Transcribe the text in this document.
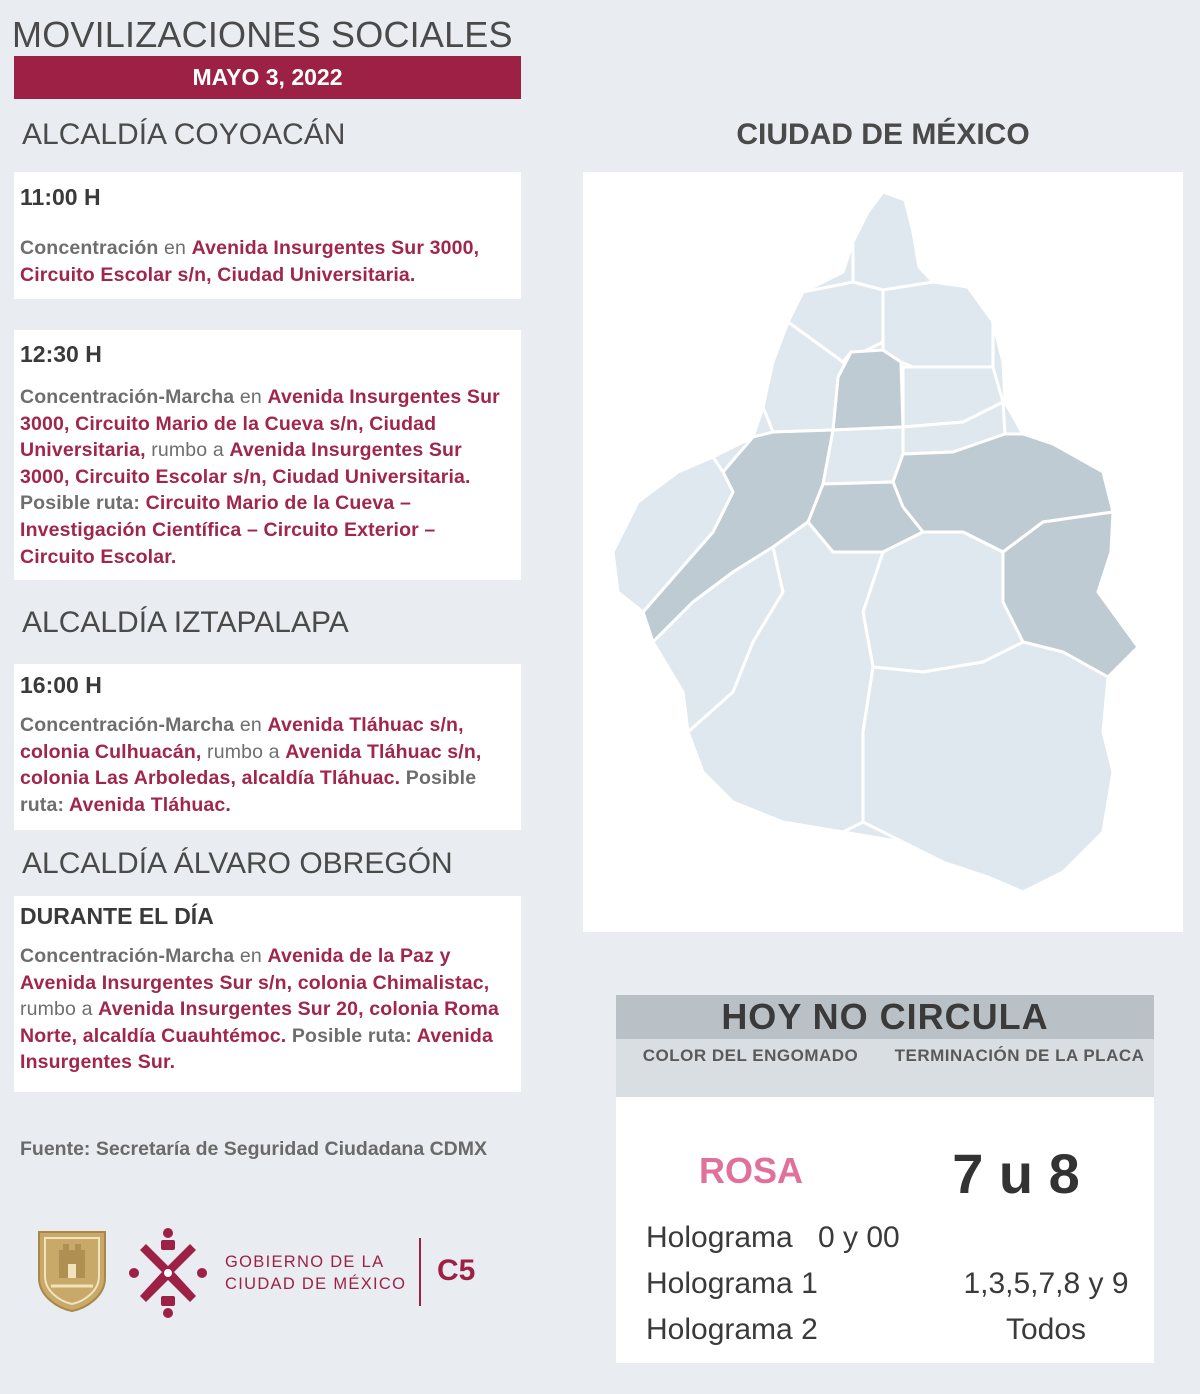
MOVILIZACIONES SOCIALES
MAYO 3, 2022
ALCALDÍA COYOACÁN
11:00 H
Concentración en Avenida Insurgentes Sur 3000, Circuito Escolar s/n, Ciudad Universitaria.
12:30 H
Concentración-Marcha en Avenida Insurgentes Sur 3000, Circuito Mario de la Cueva s/n, Ciudad Universitaria, rumbo a Avenida Insurgentes Sur 3000, Circuito Escolar s/n, Ciudad Universitaria. Posible ruta: Circuito Mario de la Cueva – Investigación Científica – Circuito Exterior – Circuito Escolar.
ALCALDÍA IZTAPALAPA
16:00 H
Concentración-Marcha en Avenida Tláhuac s/n, colonia Culhuacán, rumbo a Avenida Tláhuac s/n, colonia Las Arboledas, alcaldía Tláhuac. Posible ruta: Avenida Tláhuac.
ALCALDÍA ÁLVARO OBREGÓN
DURANTE EL DÍA
Concentración-Marcha en Avenida de la Paz y Avenida Insurgentes Sur s/n, colonia Chimalistac, rumbo a Avenida Insurgentes Sur 20, colonia Roma Norte, alcaldía Cuauhtémoc. Posible ruta: Avenida Insurgentes Sur.
Fuente: Secretaría de Seguridad Ciudadana CDMX
GOBIERNO DE LA
CIUDAD DE MÉXICO C5
CIUDAD DE MÉXICO
HOY NO CIRCULA
COLOR DEL ENGOMADO	TERMINACIÓN DE LA PLACA
ROSA	7 u 8
Holograma 0 y 00
Holograma 1	1,3,5,7,8 y 9
Holograma 2	Todos
